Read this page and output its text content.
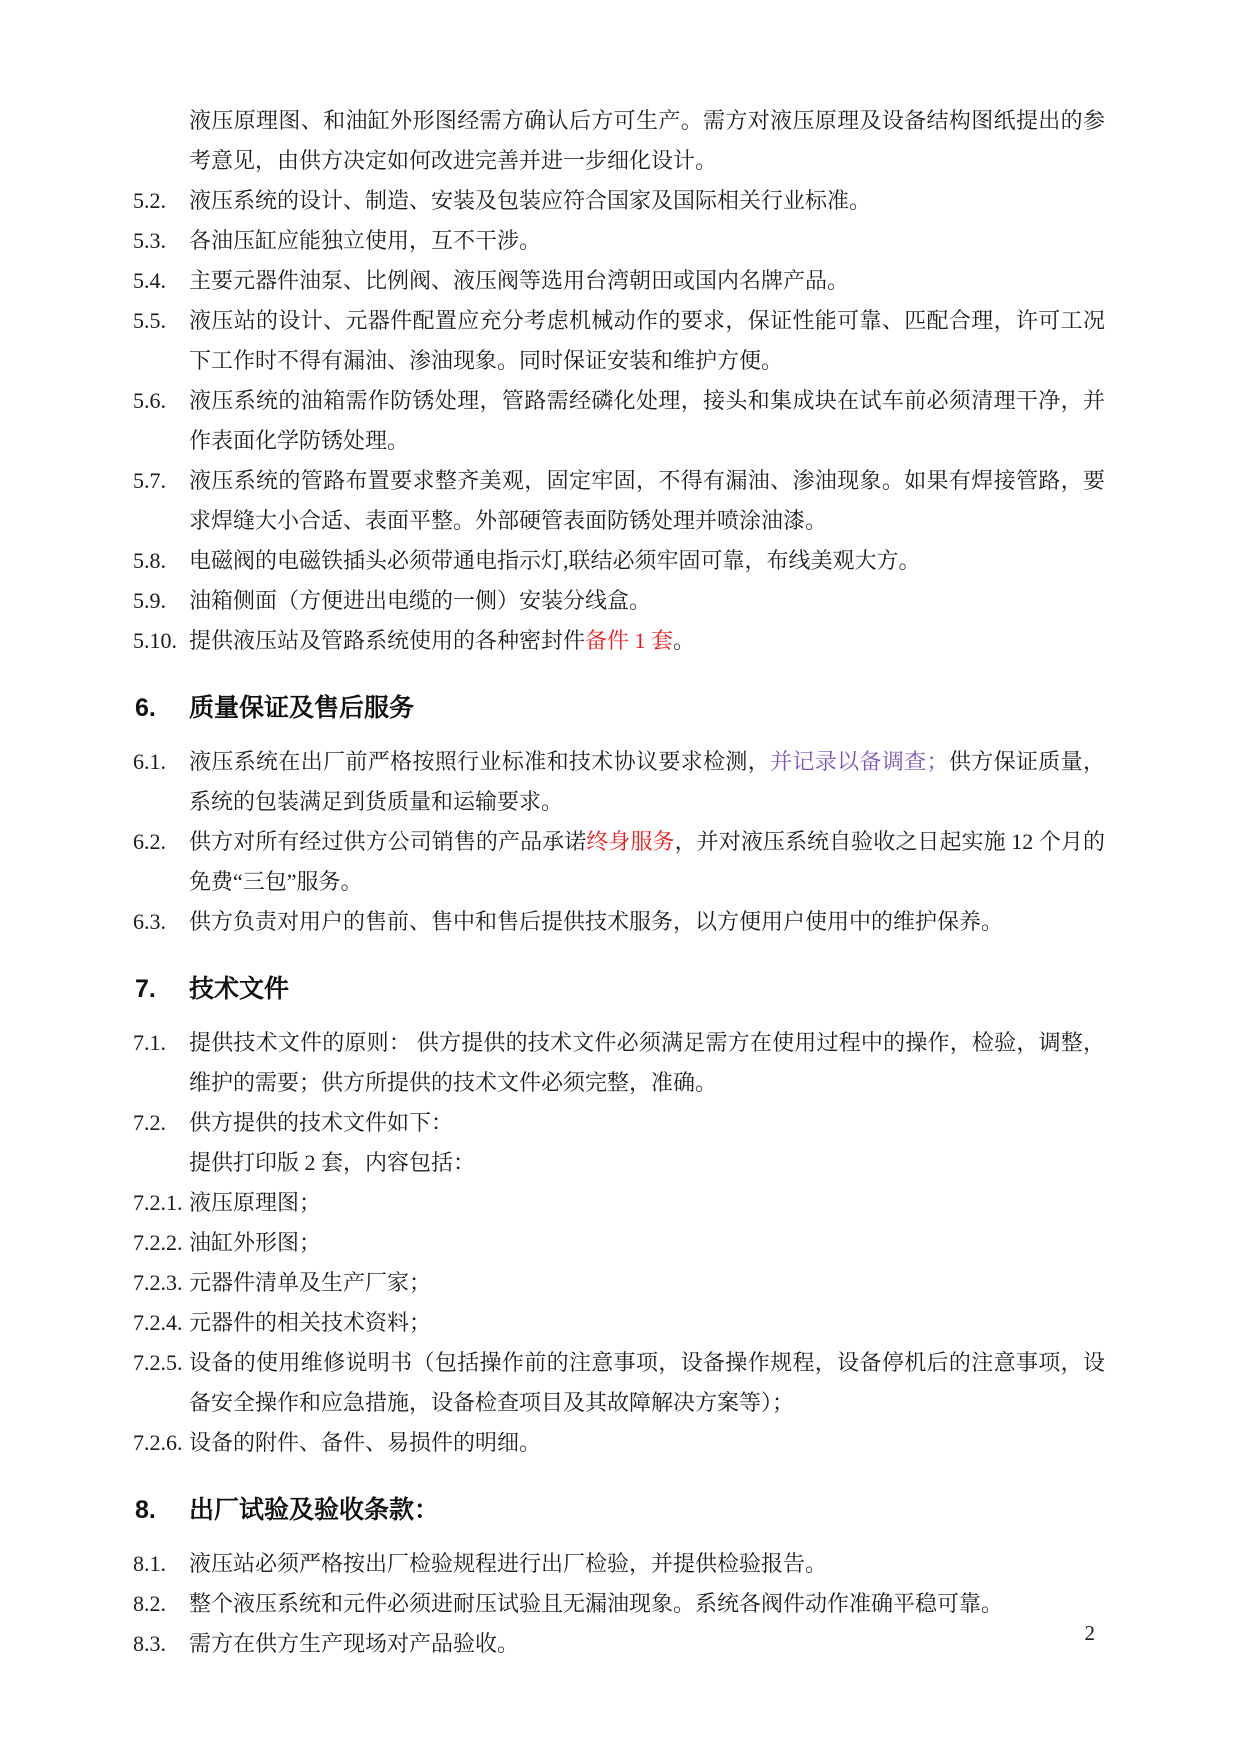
液压原理图、和油缸外形图经需方确认后方可生产。需方对液压原理及设备结构图纸提出的参考意见，由供方决定如何改进完善并进一步细化设计。

5.2. 液压系统的设计、制造、安装及包装应符合国家及国际相关行业标准。
5.3. 各油压缸应能独立使用，互不干涉。
5.4. 主要元器件油泵、比例阀、液压阀等选用台湾朝田或国内名牌产品。
5.5. 液压站的设计、元器件配置应充分考虑机械动作的要求，保证性能可靠、匹配合理，许可工况下工作时不得有漏油、渗油现象。同时保证安装和维护方便。
5.6. 液压系统的油箱需作防锈处理，管路需经磷化处理，接头和集成块在试车前必须清理干净，并作表面化学防锈处理。
5.7. 液压系统的管路布置要求整齐美观，固定牢固，不得有漏油、渗油现象。如果有焊接管路，要求焊缝大小合适、表面平整。外部硬管表面防锈处理并喷涂油漆。
5.8. 电磁阀的电磁铁插头必须带通电指示灯,联结必须牢固可靠，布线美观大方。
5.9. 油箱侧面（方便进出电缆的一侧）安装分线盒。
5.10. 提供液压站及管路系统使用的各种密封件备件 1 套。
6. 质量保证及售后服务
6.1. 液压系统在出厂前严格按照行业标准和技术协议要求检测，并记录以备调查；供方保证质量，系统的包装满足到货质量和运输要求。
6.2. 供方对所有经过供方公司销售的产品承诺终身服务，并对液压系统自验收之日起实施 12 个月的免费“三包”服务。
6.3. 供方负责对用户的售前、售中和售后提供技术服务，以方便用户使用中的维护保养。
7. 技术文件
7.1. 提供技术文件的原则： 供方提供的技术文件必须满足需方在使用过程中的操作，检验，调整，维护的需要；供方所提供的技术文件必须完整，准确。
7.2. 供方提供的技术文件如下：

提供打印版 2 套，内容包括：

7.2.1. 液压原理图；
7.2.2. 油缸外形图；
7.2.3. 元器件清单及生产厂家；
7.2.4. 元器件的相关技术资料；
7.2.5. 设备的使用维修说明书（包括操作前的注意事项，设备操作规程，设备停机后的注意事项，设备安全操作和应急措施，设备检查项目及其故障解决方案等）；
7.2.6. 设备的附件、备件、易损件的明细。
8. 出厂试验及验收条款：
8.1. 液压站必须严格按出厂检验规程进行出厂检验，并提供检验报告。
8.2. 整个液压系统和元件必须进耐压试验且无漏油现象。系统各阀件动作准确平稳可靠。
8.3. 需方在供方生产现场对产品验收。	2
